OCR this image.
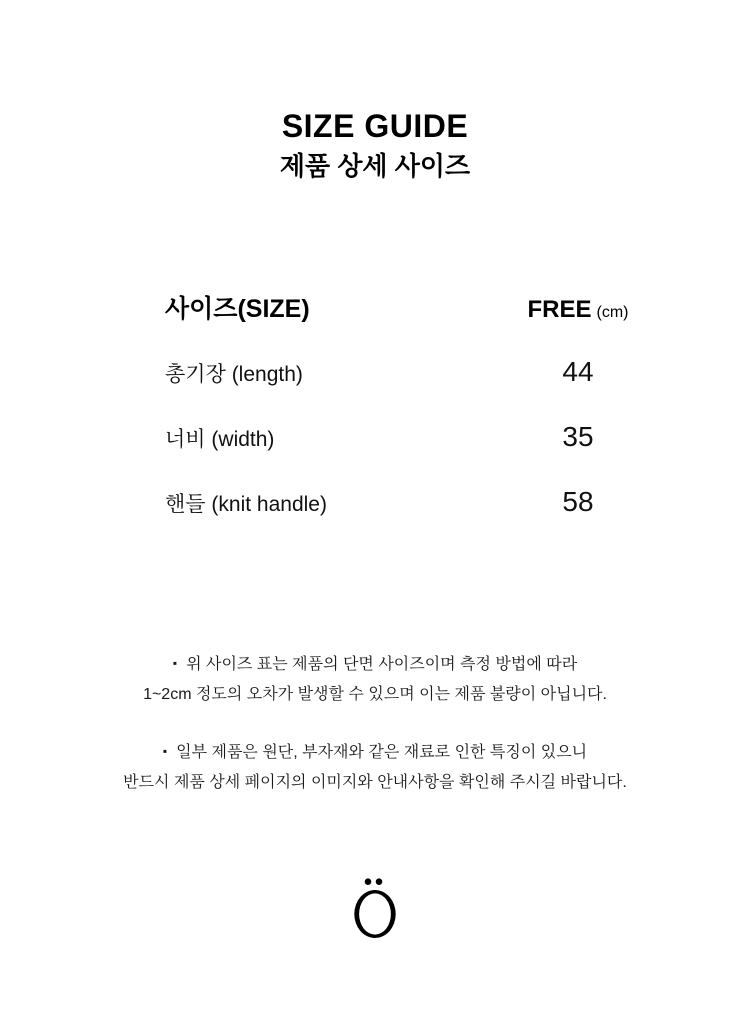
SIZE GUIDE
제품 상세 사이즈
사이즈(SIZE)	FREE (cm)
총기장 (length)	44
너비 (width)	35
핸들 (knit handle)	58
▪ 위 사이즈 표는 제품의 단면 사이즈이며 측정 방법에 따라
1~2cm 정도의 오차가 발생할 수 있으며 이는 제품 불량이 아닙니다.
▪ 일부 제품은 원단, 부자재와 같은 재료로 인한 특징이 있으니
반드시 제품 상세 페이지의 이미지와 안내사항을 확인해 주시길 바랍니다.
